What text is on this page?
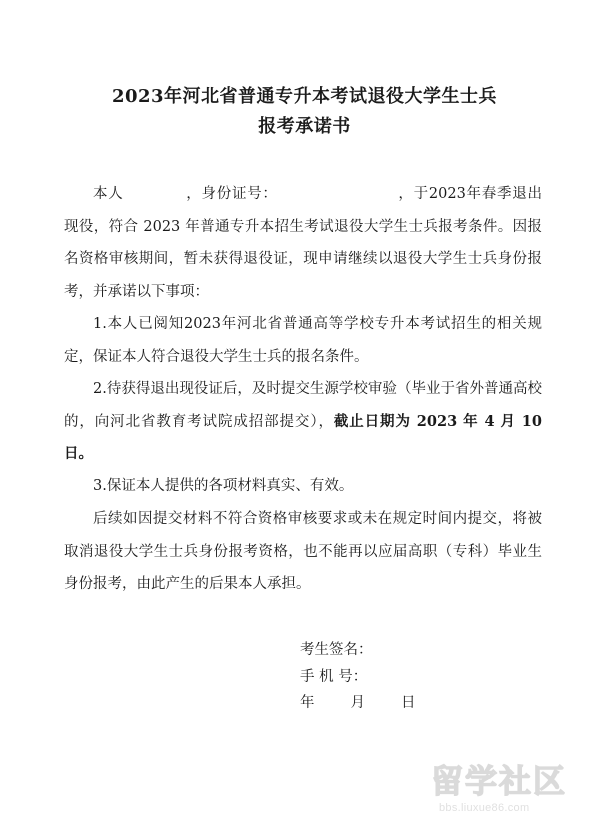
2023年河北省普通专升本考试退役大学生士兵
报考承诺书
本人	，身份证号：	，于2023年春季退出现役，符合 2023 年普通专升本招生考试退役大学生士兵报考条件。因报名资格审核期间，暂未获得退役证，现申请继续以退役大学生士兵身份报考，并承诺以下事项：
1.本人已阅知2023年河北省普通高等学校专升本考试招生的相关规定，保证本人符合退役大学生士兵的报名条件。
2.待获得退出现役证后，及时提交生源学校审验（毕业于省外普通高校的，向河北省教育考试院成招部提交），截止日期为 2023 年 4 月 10 日。
3.保证本人提供的各项材料真实、有效。
后续如因提交材料不符合资格审核要求或未在规定时间内提交，将被取消退役大学生士兵身份报考资格，也不能再以应届高职（专科）毕业生身份报考，由此产生的后果本人承担。
考生签名：
手 机 号：
年 月 日
留学社区
bbs.liuxue86.com
